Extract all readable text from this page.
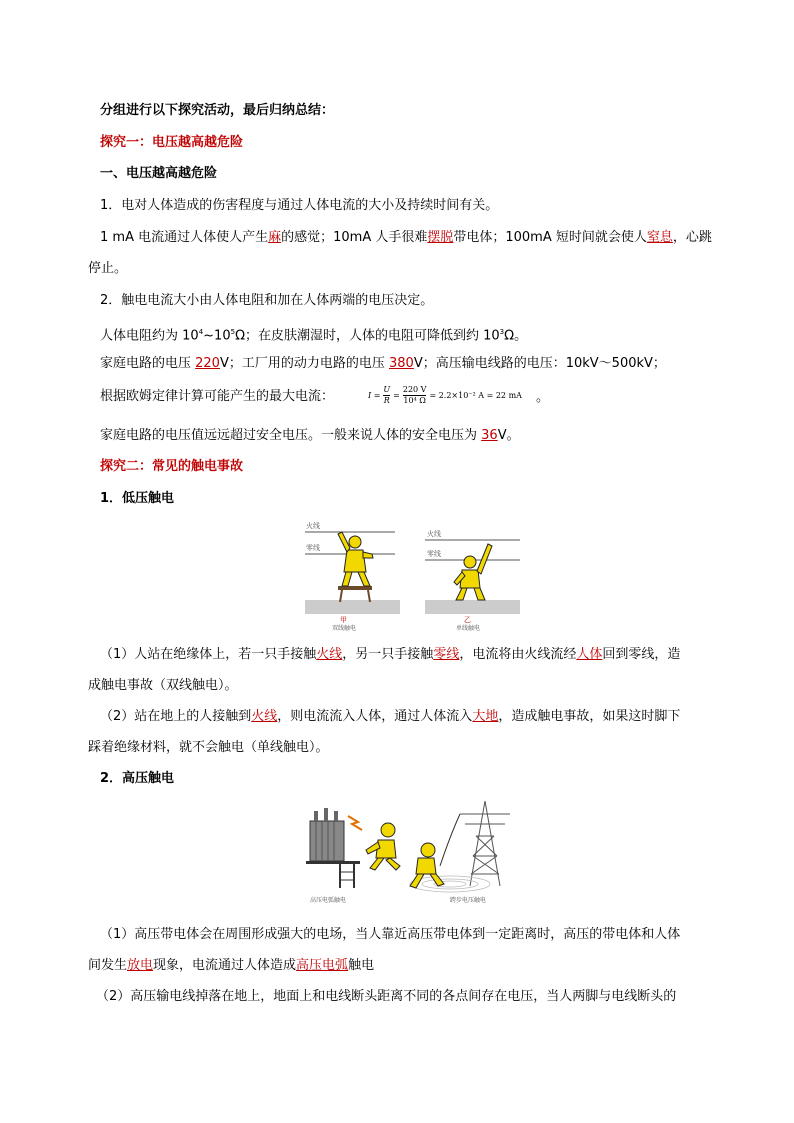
分组进行以下探究活动，最后归纳总结：
探究一：电压越高越危险
一、电压越高越危险
1．电对人体造成的伤害程度与通过人体电流的大小及持续时间有关。
1 mA 电流通过人体使人产生麻的感觉；10mA 人手很难摆脱带电体；100mA 短时间就会使人窒息，心跳
停止。
2．触电电流大小由人体电阻和加在人体两端的电压决定。
人体电阻约为 $10^4\sim 10^5\Omega$；在皮肤潮湿时，人体的电阻可降低到约 $10^3\Omega$。
家庭电路的电压 220V；工厂用的动力电路的电压 380V；高压输电线路的电压：10kV～500kV；
根据欧姆定律计算可能产生的最大电流：	$I = \frac{U}{R} = \frac{220 V}{\text{10⁴ Ω}} = 2.2\times 10^{-2}$ A = 22 mA 。
家庭电路的电压值远远超过安全电压。一般来说人体的安全电压为 36V。
探究二：常见的触电事故
1．低压触电
火线
零线
甲
双线触电
火线
零线
乙
单线触电
（1）人站在绝缘体上，若一只手接触火线，另一只手接触零线，电流将由火线流经人体回到零线，造
成触电事故（双线触电）。
（2）站在地上的人接触到火线，则电流流入人体，通过人体流入大地，造成触电事故，如果这时脚下
踩着绝缘材料，就不会触电（单线触电）。
2．高压触电
高压电弧触电	跨步电压触电
（1）高压带电体会在周围形成强大的电场，当人靠近高压带电体到一定距离时，高压的带电体和人体
间发生放电现象，电流通过人体造成高压电弧触电
（2）高压输电线掉落在地上，地面上和电线断头距离不同的各点间存在电压，当人两脚与电线断头的
